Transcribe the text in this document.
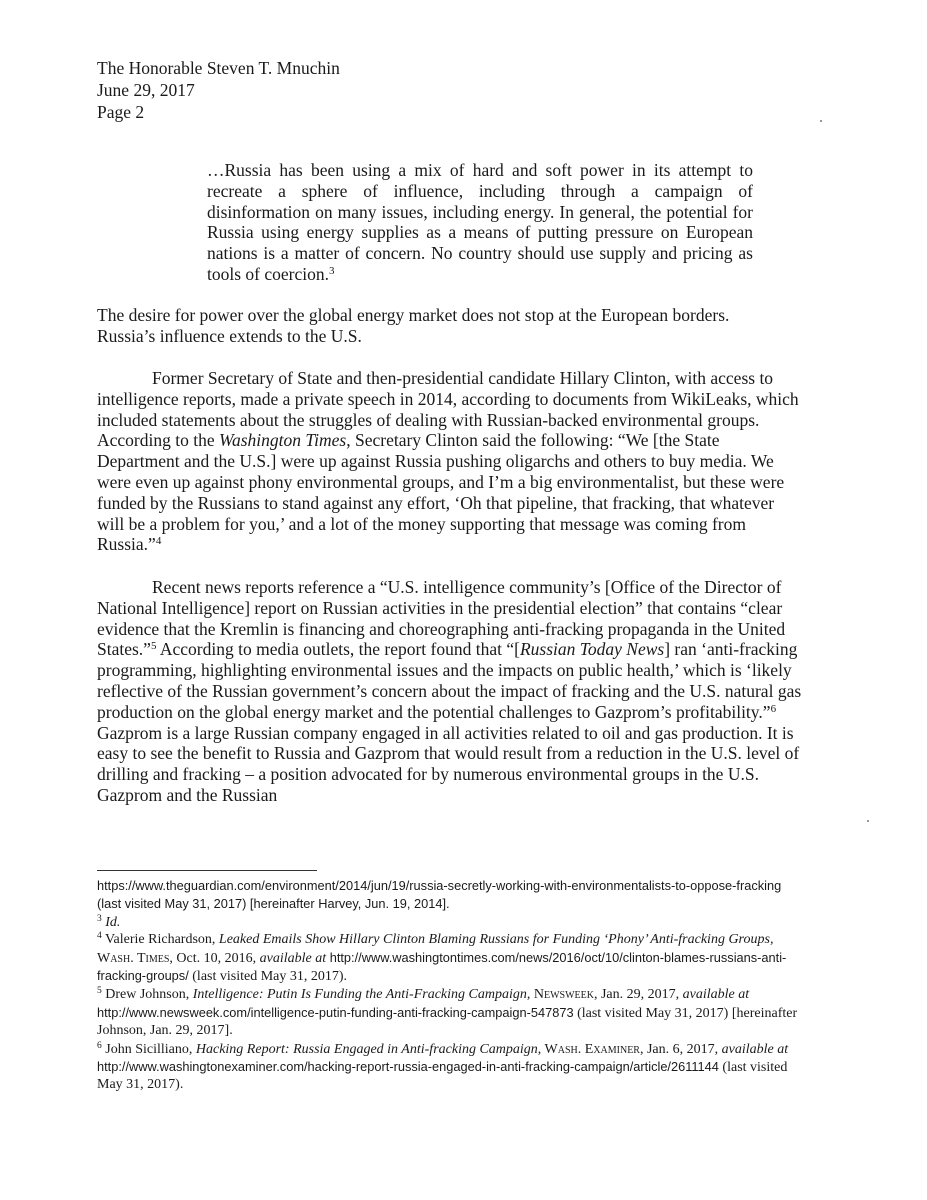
The Honorable Steven T. Mnuchin
June 29, 2017
Page 2
…Russia has been using a mix of hard and soft power in its attempt to recreate a sphere of influence, including through a campaign of disinformation on many issues, including energy. In general, the potential for Russia using energy supplies as a means of putting pressure on European nations is a matter of concern. No country should use supply and pricing as tools of coercion.$^3$
The desire for power over the global energy market does not stop at the European borders.
Russia’s influence extends to the U.S.

Former Secretary of State and then-presidential candidate Hillary Clinton, with access to intelligence reports, made a private speech in 2014, according to documents from WikiLeaks, which included statements about the struggles of dealing with Russian-backed environmental groups. According to the Washington Times, Secretary Clinton said the following: “We [the State Department and the U.S.] were up against Russia pushing oligarchs and others to buy media. We were even up against phony environmental groups, and I’m a big environmentalist, but these were funded by the Russians to stand against any effort, ‘Oh that pipeline, that fracking, that whatever will be a problem for you,’ and a lot of the money supporting that message was coming from Russia.”$^4$

Recent news reports reference a “U.S. intelligence community’s [Office of the Director of National Intelligence] report on Russian activities in the presidential election” that contains “clear evidence that the Kremlin is financing and choreographing anti-fracking propaganda in the United States.”$^5$ According to media outlets, the report found that “[Russian Today News] ran ‘anti-fracking programming, highlighting environmental issues and the impacts on public health,’ which is ‘likely reflective of the Russian government’s concern about the impact of fracking and the U.S. natural gas production on the global energy market and the potential challenges to Gazprom’s profitability.”$^6$ Gazprom is a large Russian company engaged in all activities related to oil and gas production. It is easy to see the benefit to Russia and Gazprom that would result from a reduction in the U.S. level of drilling and fracking – a position advocated for by numerous environmental groups in the U.S. Gazprom and the Russian

https://www.theguardian.com/environment/2014/jun/19/russia-secretly-working-with-environmentalists-to-oppose-fracking (last visited May 31, 2017) [hereinafter Harvey, Jun. 19, 2014].
$^3$ Id.
$^4$ Valerie Richardson, Leaked Emails Show Hillary Clinton Blaming Russians for Funding ‘Phony’ Anti-fracking Groups, Wash. Times, Oct. 10, 2016, available at http://www.washingtontimes.com/news/2016/oct/10/clinton-blames-russians-anti-fracking-groups/ (last visited May 31, 2017).
$^5$ Drew Johnson, Intelligence: Putin Is Funding the Anti-Fracking Campaign, Newsweek, Jan. 29, 2017, available at http://www.newsweek.com/intelligence-putin-funding-anti-fracking-campaign-547873 (last visited May 31, 2017) [hereinafter Johnson, Jan. 29, 2017].
$^6$ John Sicilliano, Hacking Report: Russia Engaged in Anti-fracking Campaign, Wash. Examiner, Jan. 6, 2017, available at http://www.washingtonexaminer.com/hacking-report-russia-engaged-in-anti-fracking-campaign/article/2611144 (last visited May 31, 2017).
